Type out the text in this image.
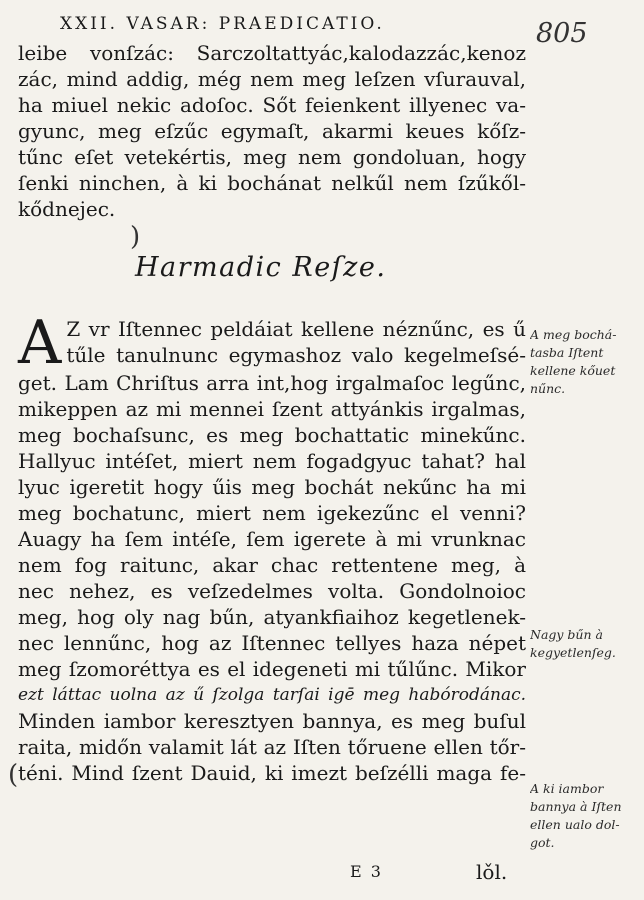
XXII. VASAR: PRAEDICATIO.	805
leibe vonſzác: Sarczoltattyác,kalodazzác,kenoz
zác, mind addig, még nem meg leſzen vſurauval,
ha miuel nekic adoſoc. Sőt feienkent illyenec va-
gyunc, meg eſzűc egymaſt, akarmi keues kőſz-
tűnc eſet vetekértis, meg nem gondoluan, hogy
ſenki ninchen, à ki bochánat nelkűl nem ſzűkől-
kődnejec.
)
Harmadic Reſze.
A Z vr Iſtennec peldáiat kellene néznűnc, es ű
tűle tanulnunc egymashoz valo kegelmeſsé-
get. Lam Chriſtus arra int,hog irgalmaſoc legűnc,
mikeppen az mi mennei ſzent attyánkis irgalmas,
meg bochaſsunc, es meg bochattatic minekűnc.
Hallyuc intéſet, miert nem fogadgyuc tahat? hal
lyuc igeretit hogy űis meg bochát nekűnc ha mi
meg bochatunc, miert nem igekezűnc el venni?
Auagy ha ſem intéſe, ſem igerete à mi vrunknac
nem fog raitunc, akar chac rettentene meg, à
nec nehez, es veſzedelmes volta. Gondolnoioc
meg, hog oly nag bűn, atyankfiaihoz kegetlenek-
nec lennűnc, hog az Iſtennec tellyes haza népet
meg ſzomoréttya es el idegeneti mi tűlűnc. Mikor
ezt láttac uolna az ű ſzolga tarſai igē meg habórodánac.
Minden iambor keresztyen bannya, es meg buſul
raita, midőn valamit lát az Iſten tőruene ellen tőr-
téni. Mind ſzent Dauid, ki imezt beſzélli maga fe-
(
A meg bochá-
tasba Iſtent
kellene kőuet
nűnc.
Nagy bűn à
kegyetlenſeg.
A ki iambor
bannya à Iſten
ellen ualo dol-
got.
E 3	lǒl.
